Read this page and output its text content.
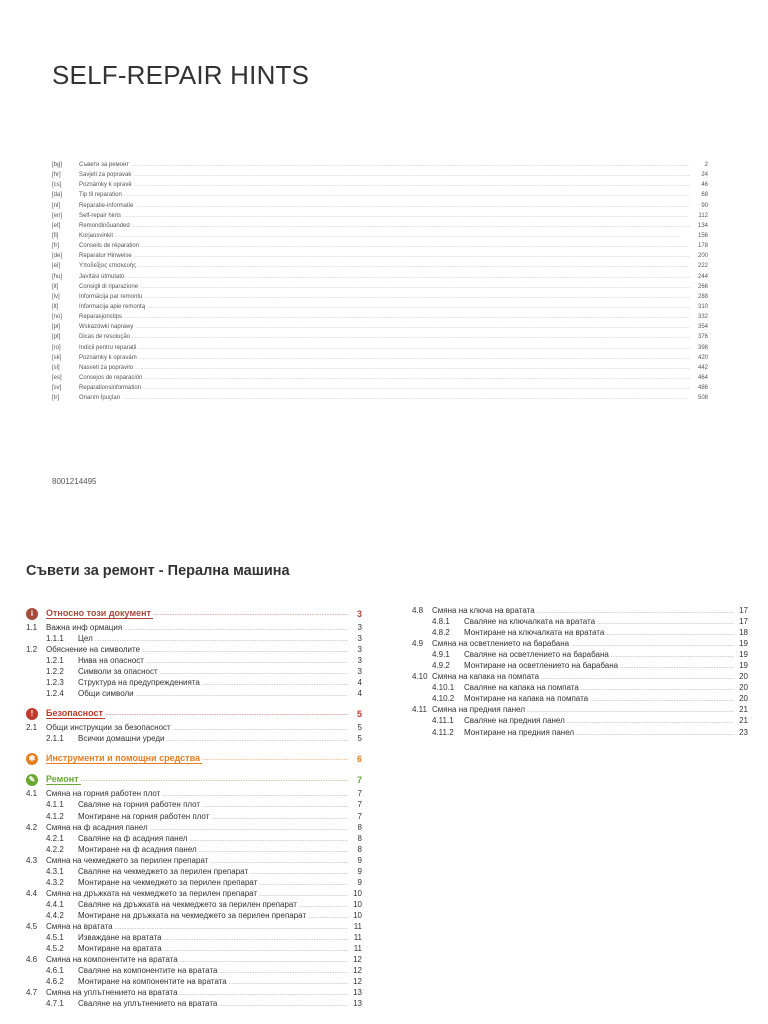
SELF-REPAIR HINTS
[bg]	Съвети за ремонт .....	2
[hr]	Savjeti za popravak .....	24
[cs]	Poznámky k opravě .....	46
[da]	Tip til reparation .....	68
[nl]	Reparatie-informatie .....	90
[en]	Self-repair hints .....	112
[et]	Remondinõuanded .....	134
[fi]	Korjausvinkit .....	156
[fr]	Conseils de réparation .....	178
[de]	Reparatur Hinweise .....	200
[el]	Υποδείξεις επισκευής .....	222
[hu]	Javítási útmutató .....	244
[it]	Consigli di riparazione .....	266
[lv]	Informācija par remontu .....	288
[lt]	Informacija apie remontą .....	310
[no]	Reparasjonstips .....	332
[pl]	Wskazówki naprawy .....	354
[pt]	Dicas de resolução .....	376
[ro]	Indicii pentru reparații .....	398
[sk]	Poznámky k opravám .....	420
[sl]	Nasveti za popravilo .....	442
[es]	Consejos de reparación .....	464
[sv]	Reparationsinformation .....	486
[tr]	Onarım İpuçları .....	508
8001214495
Съвети за ремонт - Перална машина
i	Относно този документ .....	3
1.1	Важна инф ормация .....	3
1.1.1	Цел .....	3
1.2	Обяснение на символите .....	3
1.2.1	Нива на опасност .....	3
1.2.2	Символи за опасност .....	3
1.2.3	Структура на предупрежденията .....	4
1.2.4	Общи символи .....	4
!	Безопасност .....	5
2.1	Общи инструкции за безопасност .....	5
2.1.1	Всички домашни уреди .....	5
✱ Инструменти и помощни средства .....	6
✎ Ремонт .....	7
4.1	Смяна на горния работен плот .....	7
4.1.1	Сваляне на горния работен плот .....	7
4.1.2	Монтиране на горния работен плот .....	7
4.2	Смяна на ф асадния панел .....	8
4.2.1	Сваляне на ф асадния панел .....	8
4.2.2	Монтиране на ф асадния панел .....	8
4.3	Смяна на чекмеджето за перилен препарат .....	9
4.3.1	Сваляне на чекмеджето за перилен препарат .....	9
4.3.2	Монтиране на чекмеджето за перилен препарат .....	9
4.4	Смяна на дръжката на чекмеджето за перилен препарат .....	10
4.4.1	Сваляне на дръжката на чекмеджето за перилен препарат .....	10
4.4.2	Монтиране на дръжката на чекмеджето за перилен препарат .....	10
4.5	Смяна на вратата .....	11
4.5.1	Изваждане на вратата .....	11
4.5.2	Монтиране на вратата .....	11
4.6	Смяна на компонентите на вратата .....	12
4.6.1	Сваляне на компонентите на вратата .....	12
4.6.2	Монтиране на компонентите на вратата .....	12
4.7	Смяна на уплътнението на вратата .....	13
4.7.1	Сваляне на уплътнението на вратата .....	13
4.8	Смяна на ключа на вратата .....	17
4.8.1	Сваляне на ключалката на вратата .....	17
4.8.2	Монтиране на ключалката на вратата .....	18
4.9	Смяна на осветлението на барабана .....	19
4.9.1	Сваляне на осветлението на барабана .....	19
4.9.2	Монтиране на осветлението на барабана .....	19
4.10 Смяна на капака на помпата .....	20
4.10.1	Сваляне на капака на помпата .....	20
4.10.2	Монтиране на капака на помпата .....	20
4.11 Смяна на предния панел .....	21
4.11.1	Сваляне на предния панел .....	21
4.11.2	Монтиране на предния панел .....	23
